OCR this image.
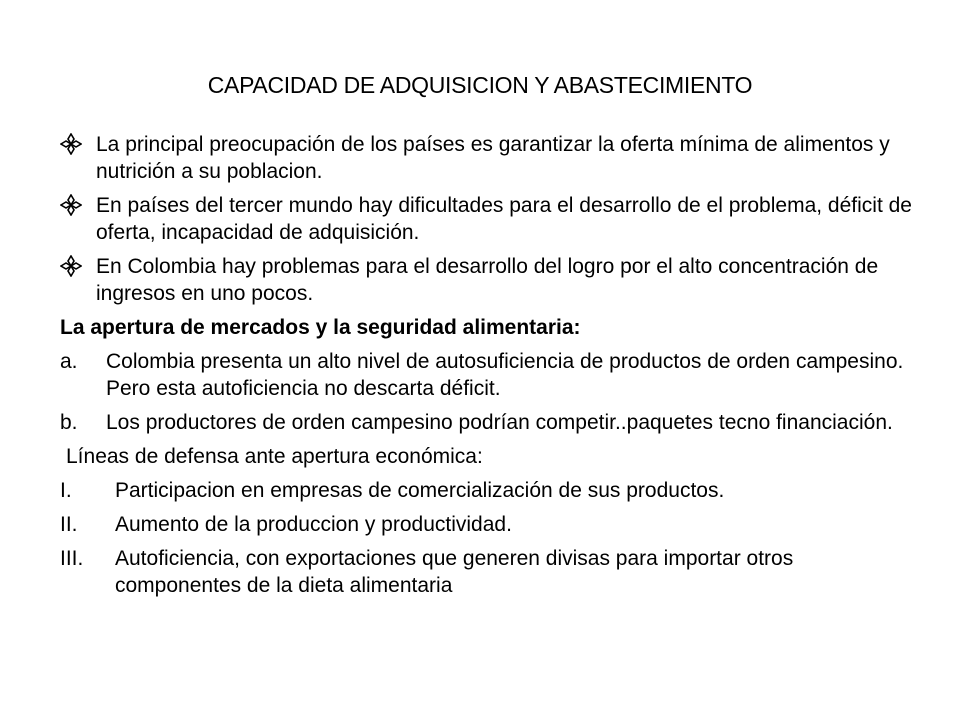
CAPACIDAD DE ADQUISICION Y ABASTECIMIENTO
La principal preocupación de los países es garantizar la oferta mínima de alimentos y nutrición a su poblacion.
En países del tercer mundo hay dificultades para el desarrollo de el problema, déficit de oferta, incapacidad de adquisición.
En Colombia hay problemas para el desarrollo del logro por el alto concentración de ingresos en uno pocos.
La apertura de mercados y la seguridad alimentaria:
a. Colombia presenta un alto nivel de autosuficiencia de productos de orden campesino. Pero esta autoficiencia no descarta déficit.
b. Los productores de orden campesino podrían competir..paquetes tecno financiación.
Líneas de defensa ante apertura económica:
I. Participacion en empresas de comercialización de sus productos.
II. Aumento de la produccion y productividad.
III. Autoficiencia, con exportaciones que generen divisas para importar otros componentes de la dieta alimentaria
